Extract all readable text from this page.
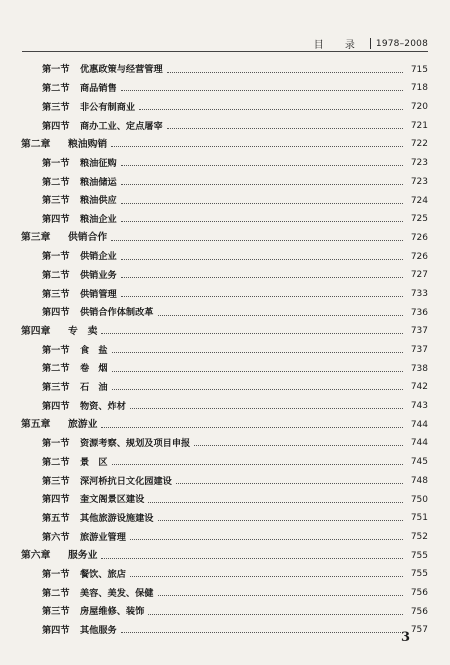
目 录 1978–2008
第一节	优惠政策与经营管理	715
第二节	商品销售	718
第三节	非公有制商业	720
第四节	商办工业、定点屠宰	721
第二章	粮油购销	722
第一节	粮油征购	723
第二节	粮油储运	723
第三节	粮油供应	724
第四节	粮油企业	725
第三章	供销合作	726
第一节	供销企业	726
第二节	供销业务	727
第三节	供销管理	733
第四节	供销合作体制改革	736
第四章	专　卖	737
第一节	食　盐	737
第二节	卷　烟	738
第三节	石　油	742
第四节	物资、炸材	743
第五章	旅游业	744
第一节	资源考察、规划及项目申报	744
第二节	景　区	745
第三节	深河桥抗日文化园建设	748
第四节	奎文阁景区建设	750
第五节	其他旅游设施建设	751
第六节	旅游业管理	752
第六章	服务业	755
第一节	餐饮、旅店	755
第二节	美容、美发、保健	756
第三节	房屋维修、装饰	756
第四节	其他服务	757
3
